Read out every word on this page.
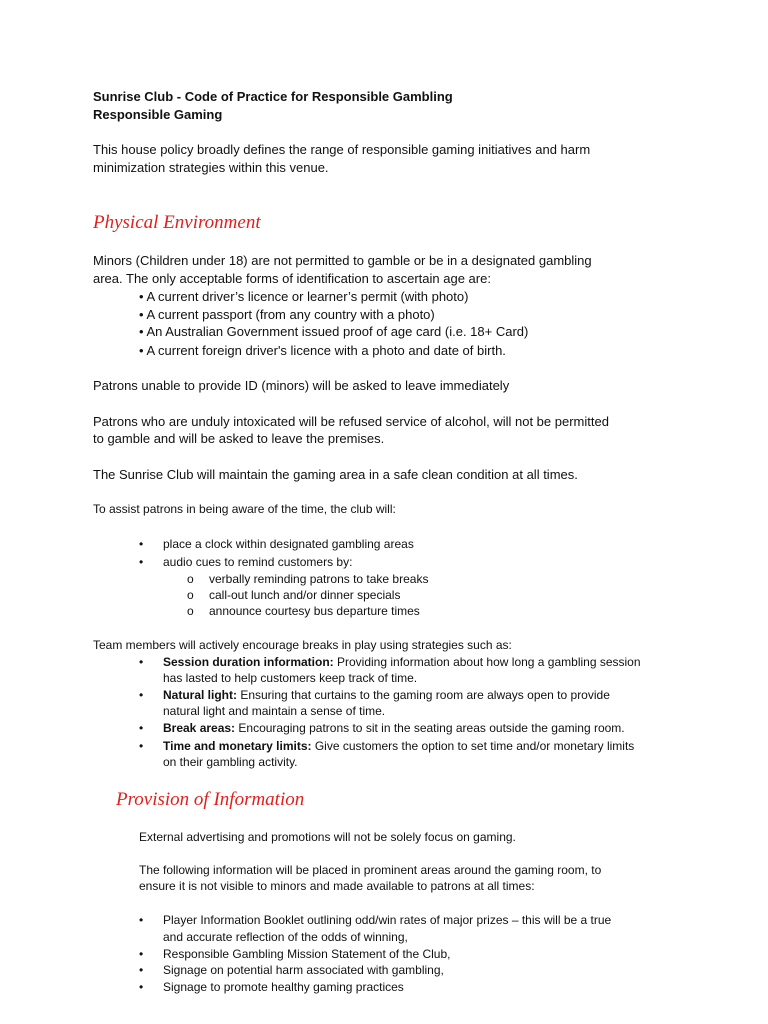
Sunrise Club - Code of Practice for Responsible Gambling
Responsible Gaming
This house policy broadly defines the range of responsible gaming initiatives and harm
minimization strategies within this venue.
Physical Environment
Minors (Children under 18) are not permitted to gamble or be in a designated gambling
area. The only acceptable forms of identification to ascertain age are:
• A current driver’s licence or learner’s permit (with photo)
• A current passport (from any country with a photo)
• An Australian Government issued proof of age card (i.e. 18+ Card)
• A current foreign driver's licence with a photo and date of birth.
Patrons unable to provide ID (minors) will be asked to leave immediately
Patrons who are unduly intoxicated will be refused service of alcohol, will not be permitted
to gamble and will be asked to leave the premises.
The Sunrise Club will maintain the gaming area in a safe clean condition at all times.
To assist patrons in being aware of the time, the club will:
• place a clock within designated gambling areas
• audio cues to remind customers by:
o verbally reminding patrons to take breaks
o call-out lunch and/or dinner specials
o announce courtesy bus departure times
Team members will actively encourage breaks in play using strategies such as:
• Session duration information: Providing information about how long a gambling session
has lasted to help customers keep track of time.
• Natural light: Ensuring that curtains to the gaming room are always open to provide
natural light and maintain a sense of time.
• Break areas: Encouraging patrons to sit in the seating areas outside the gaming room.
• Time and monetary limits: Give customers the option to set time and/or monetary limits
on their gambling activity.
Provision of Information
External advertising and promotions will not be solely focus on gaming.
The following information will be placed in prominent areas around the gaming room, to
ensure it is not visible to minors and made available to patrons at all times:
• Player Information Booklet outlining odd/win rates of major prizes – this will be a true
and accurate reflection of the odds of winning,
• Responsible Gambling Mission Statement of the Club,
• Signage on potential harm associated with gambling,
• Signage to promote healthy gaming practices
